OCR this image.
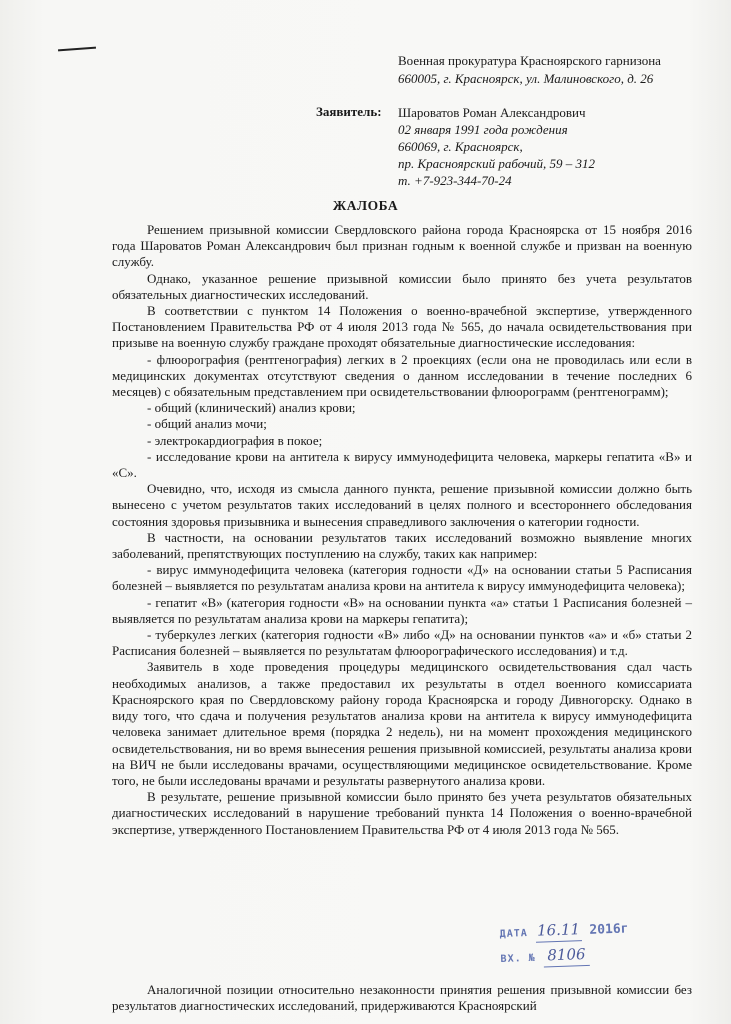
Военная прокуратура Красноярского гарнизона
660005, г. Красноярск, ул. Малиновского, д. 26
Заявитель: Шароватов Роман Александрович
02 января 1991 года рождения
660069, г. Красноярск,
пр. Красноярский рабочий, 59 – 312
т. +7-923-344-70-24
ЖАЛОБА

Решением призывной комиссии Свердловского района города Красноярска от 15 ноября 2016 года Шароватов Роман Александрович был признан годным к военной службе и призван на военную службу.

Однако, указанное решение призывной комиссии было принято без учета результатов обязательных диагностических исследований.

В соответствии с пунктом 14 Положения о военно-врачебной экспертизе, утвержденного Постановлением Правительства РФ от 4 июля 2013 года № 565, до начала освидетельствования при призыве на военную службу граждане проходят обязательные диагностические исследования:

- флюорография (рентгенография) легких в 2 проекциях (если она не проводилась или если в медицинских документах отсутствуют сведения о данном исследовании в течение последних 6 месяцев) с обязательным представлением при освидетельствовании флюорограмм (рентгенограмм);

- общий (клинический) анализ крови;

- общий анализ мочи;

- электрокардиография в покое;

- исследование крови на антитела к вирусу иммунодефицита человека, маркеры гепатита «В» и «С».

Очевидно, что, исходя из смысла данного пункта, решение призывной комиссии должно быть вынесено с учетом результатов таких исследований в целях полного и всестороннего обследования состояния здоровья призывника и вынесения справедливого заключения о категории годности.

В частности, на основании результатов таких исследований возможно выявление многих заболеваний, препятствующих поступлению на службу, таких как например:

- вирус иммунодефицита человека (категория годности «Д» на основании статьи 5 Расписания болезней – выявляется по результатам анализа крови на антитела к вирусу иммунодефицита человека);

- гепатит «В» (категория годности «В» на основании пункта «а» статьи 1 Расписания болезней – выявляется по результатам анализа крови на маркеры гепатита);

- туберкулез легких (категория годности «В» либо «Д» на основании пунктов «а» и «б» статьи 2 Расписания болезней – выявляется по результатам флюорографического исследования) и т.д.

Заявитель в ходе проведения процедуры медицинского освидетельствования сдал часть необходимых анализов, а также предоставил их результаты в отдел военного комиссариата Красноярского края по Свердловскому району города Красноярска и городу Дивногорску. Однако в виду того, что сдача и получения результатов анализа крови на антитела к вирусу иммунодефицита человека занимает длительное время (порядка 2 недель), ни на момент прохождения медицинского освидетельствования, ни во время вынесения решения призывной комиссией, результаты анализа крови на ВИЧ не были исследованы врачами, осуществляющими медицинское освидетельствование. Кроме того, не были исследованы врачами и результаты развернутого анализа крови.

В результате, решение призывной комиссии было принято без учета результатов обязательных диагностических исследований в нарушение требований пункта 14 Положения о военно-врачебной экспертизе, утвержденного Постановлением Правительства РФ от 4 июля 2013 года № 565.

ДАТА 16.11 2016г
ВХ. № 8106

Аналогичной позиции относительно незаконности принятия решения призывной комиссии без результатов диагностических исследований, придерживаются Красноярский
